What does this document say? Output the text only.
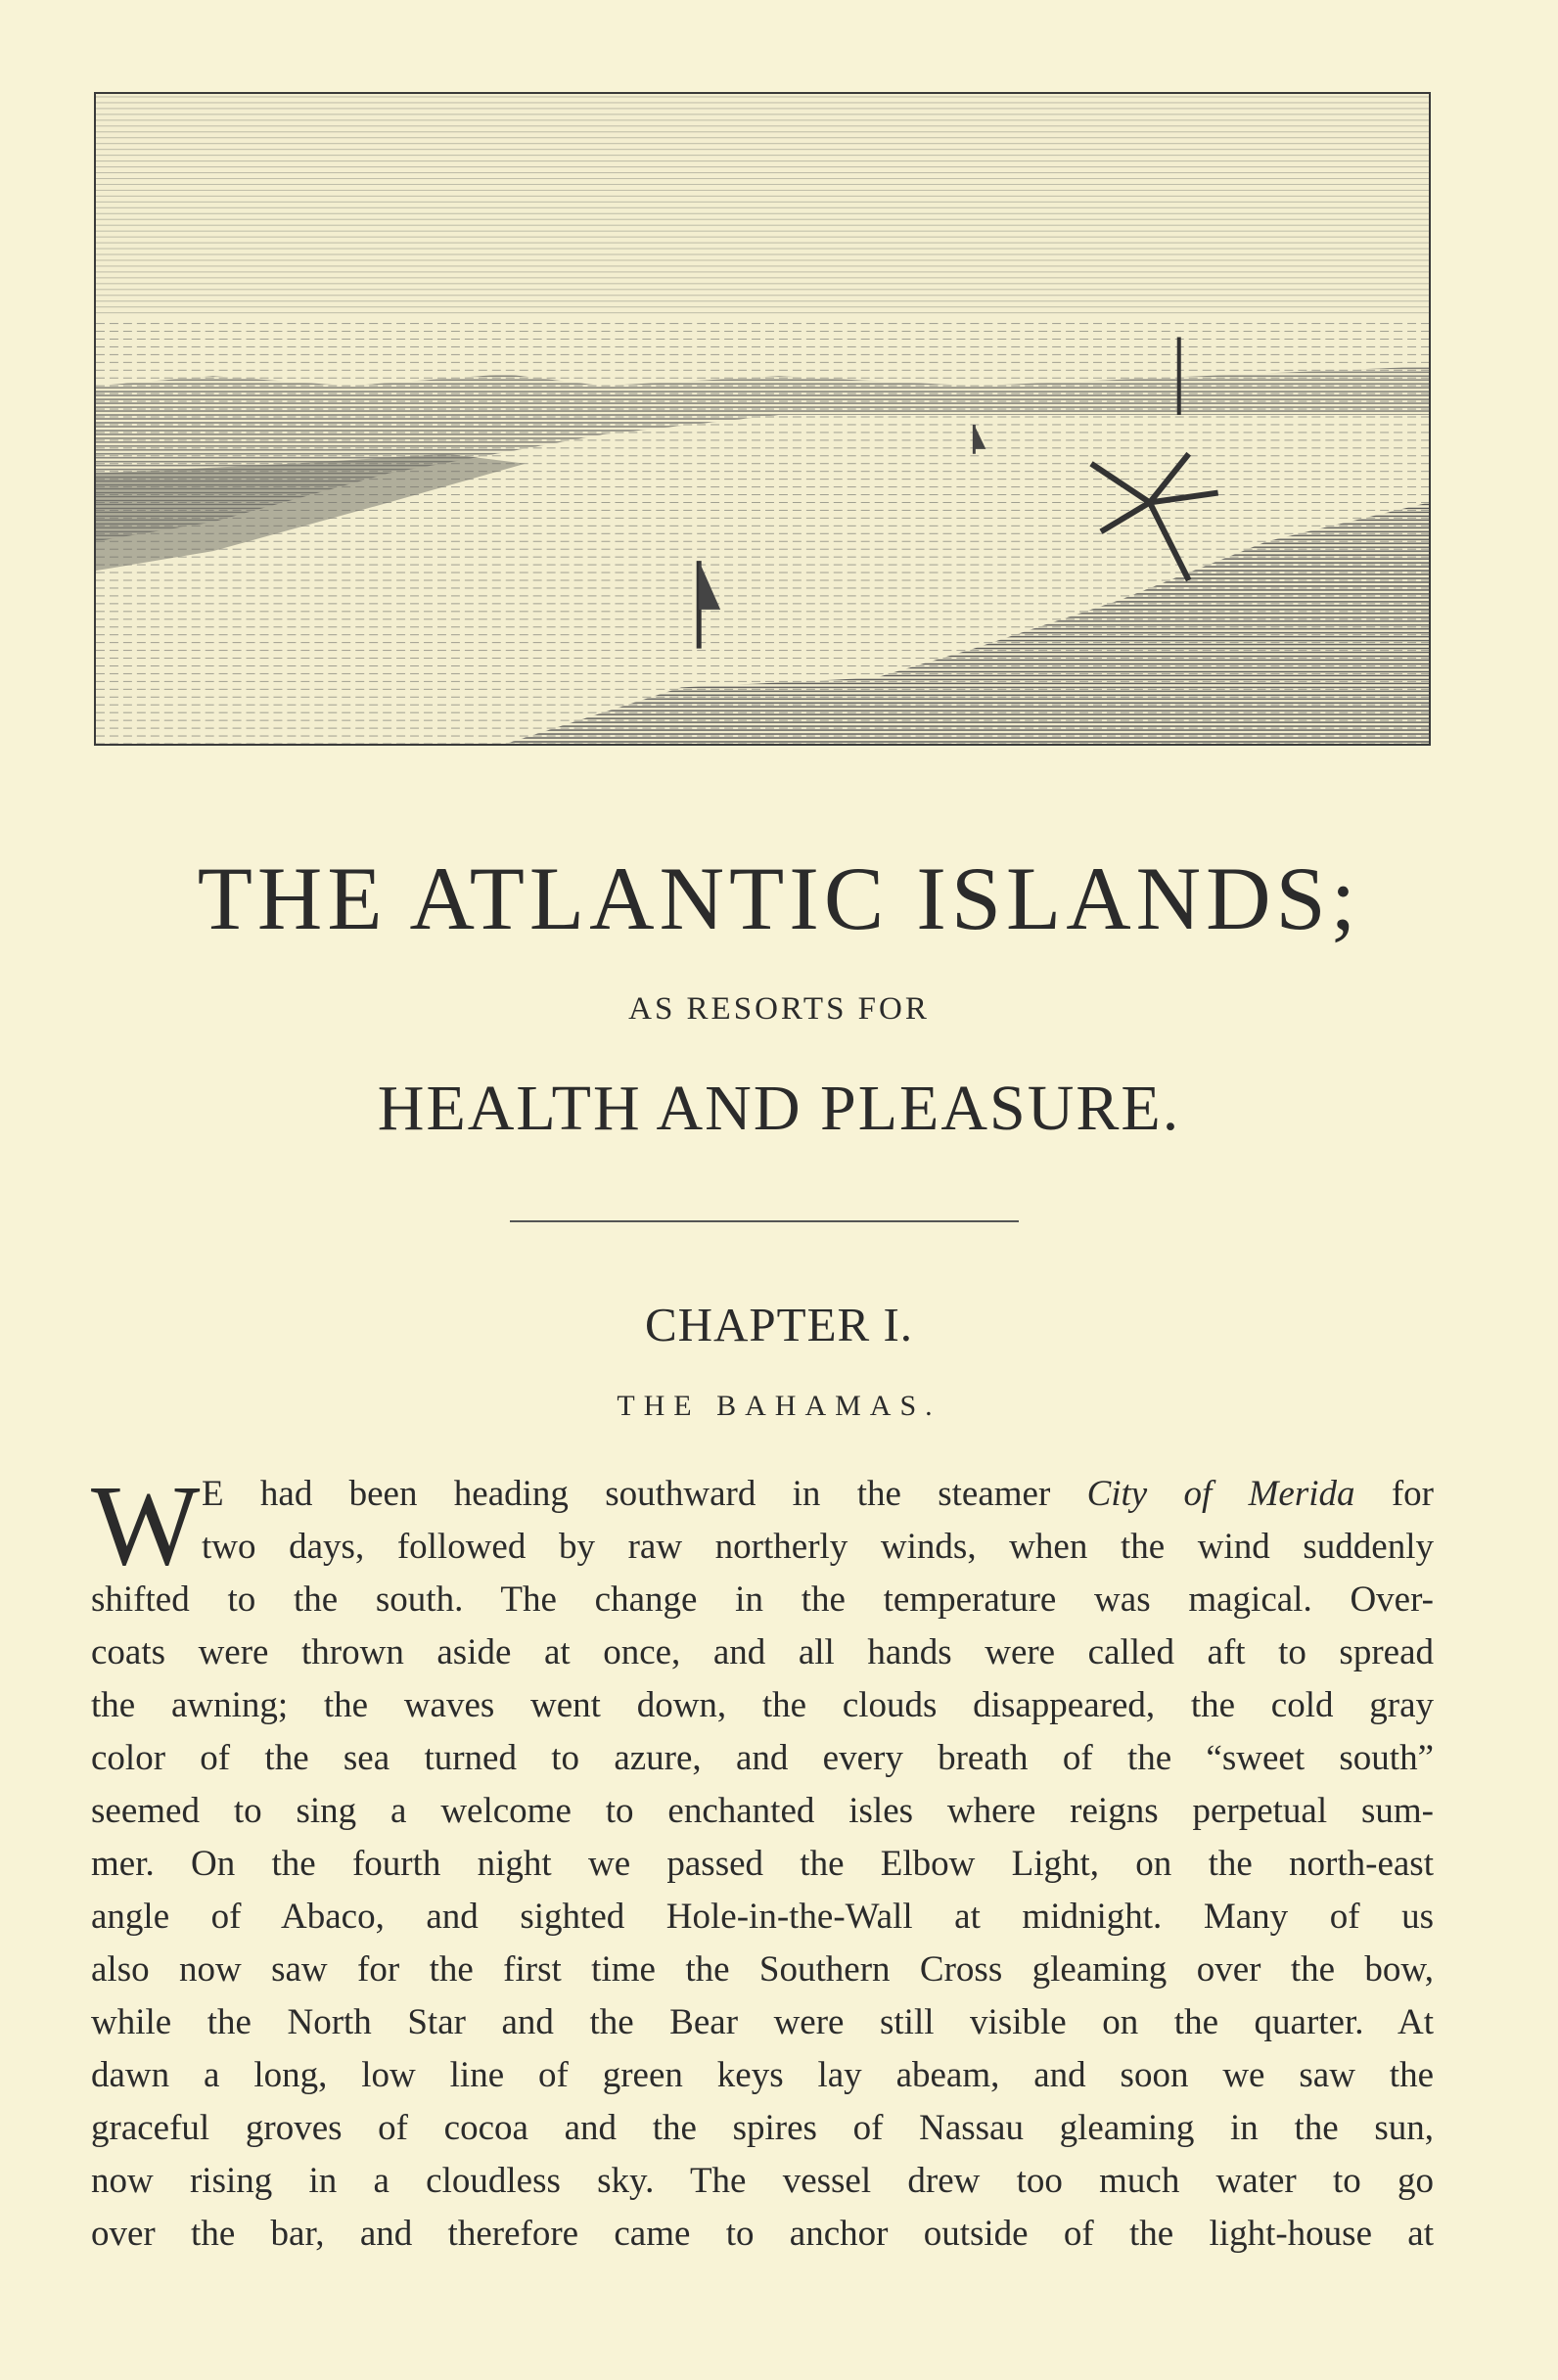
THE ATLANTIC ISLANDS;
AS RESORTS FOR
HEALTH AND PLEASURE.
CHAPTER I.
THE BAHAMAS.
W E had been heading southward in the steamer City of Merida for
two days, followed by raw northerly winds, when the wind suddenly
shifted to the south. The change in the temperature was magical. Over-
coats were thrown aside at once, and all hands were called aft to spread
the awning; the waves went down, the clouds disappeared, the cold gray
color of the sea turned to azure, and every breath of the “sweet south”
seemed to sing a welcome to enchanted isles where reigns perpetual sum-
mer. On the fourth night we passed the Elbow Light, on the north-east
angle of Abaco, and sighted Hole-in-the-Wall at midnight. Many of us
also now saw for the first time the Southern Cross gleaming over the bow,
while the North Star and the Bear were still visible on the quarter. At
dawn a long, low line of green keys lay abeam, and soon we saw the
graceful groves of cocoa and the spires of Nassau gleaming in the sun,
now rising in a cloudless sky. The vessel drew too much water to go
over the bar, and therefore came to anchor outside of the light-house at
